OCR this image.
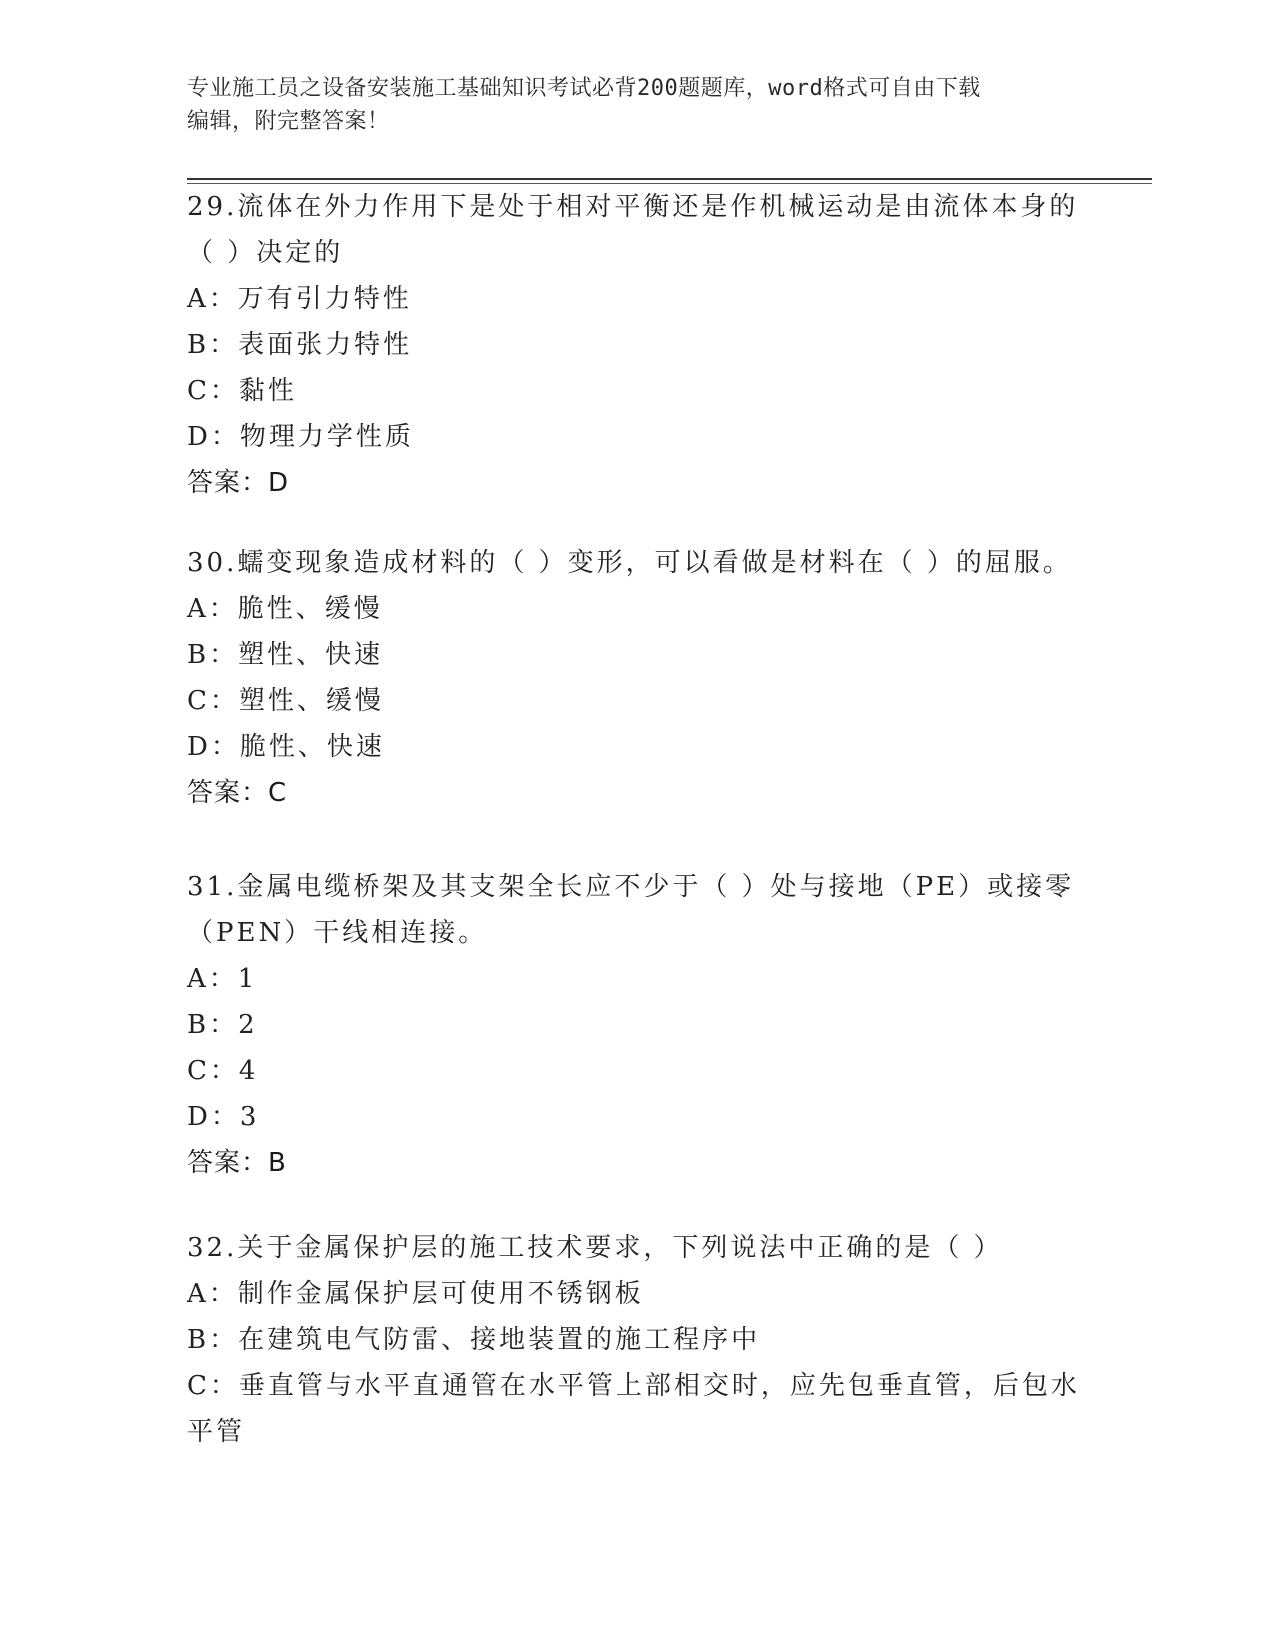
专业施工员之设备安装施工基础知识考试必背200题题库，word格式可自由下载
编辑，附完整答案！
29.流体在外力作用下是处于相对平衡还是作机械运动是由流体本身的
（ ）决定的
A：万有引力特性
B：表面张力特性
C：黏性
D：物理力学性质
答案：D
30.蠕变现象造成材料的（ ）变形，可以看做是材料在（ ）的屈服。
A：脆性、缓慢
B：塑性、快速
C：塑性、缓慢
D：脆性、快速
答案：C
31.金属电缆桥架及其支架全长应不少于（ ）处与接地（PE）或接零
（PEN）干线相连接。
A：1
B：2
C：4
D：3
答案：B
32.关于金属保护层的施工技术要求，下列说法中正确的是（ ）
A：制作金属保护层可使用不锈钢板
B：在建筑电气防雷、接地装置的施工程序中
C：垂直管与水平直通管在水平管上部相交时，应先包垂直管，后包水
平管
